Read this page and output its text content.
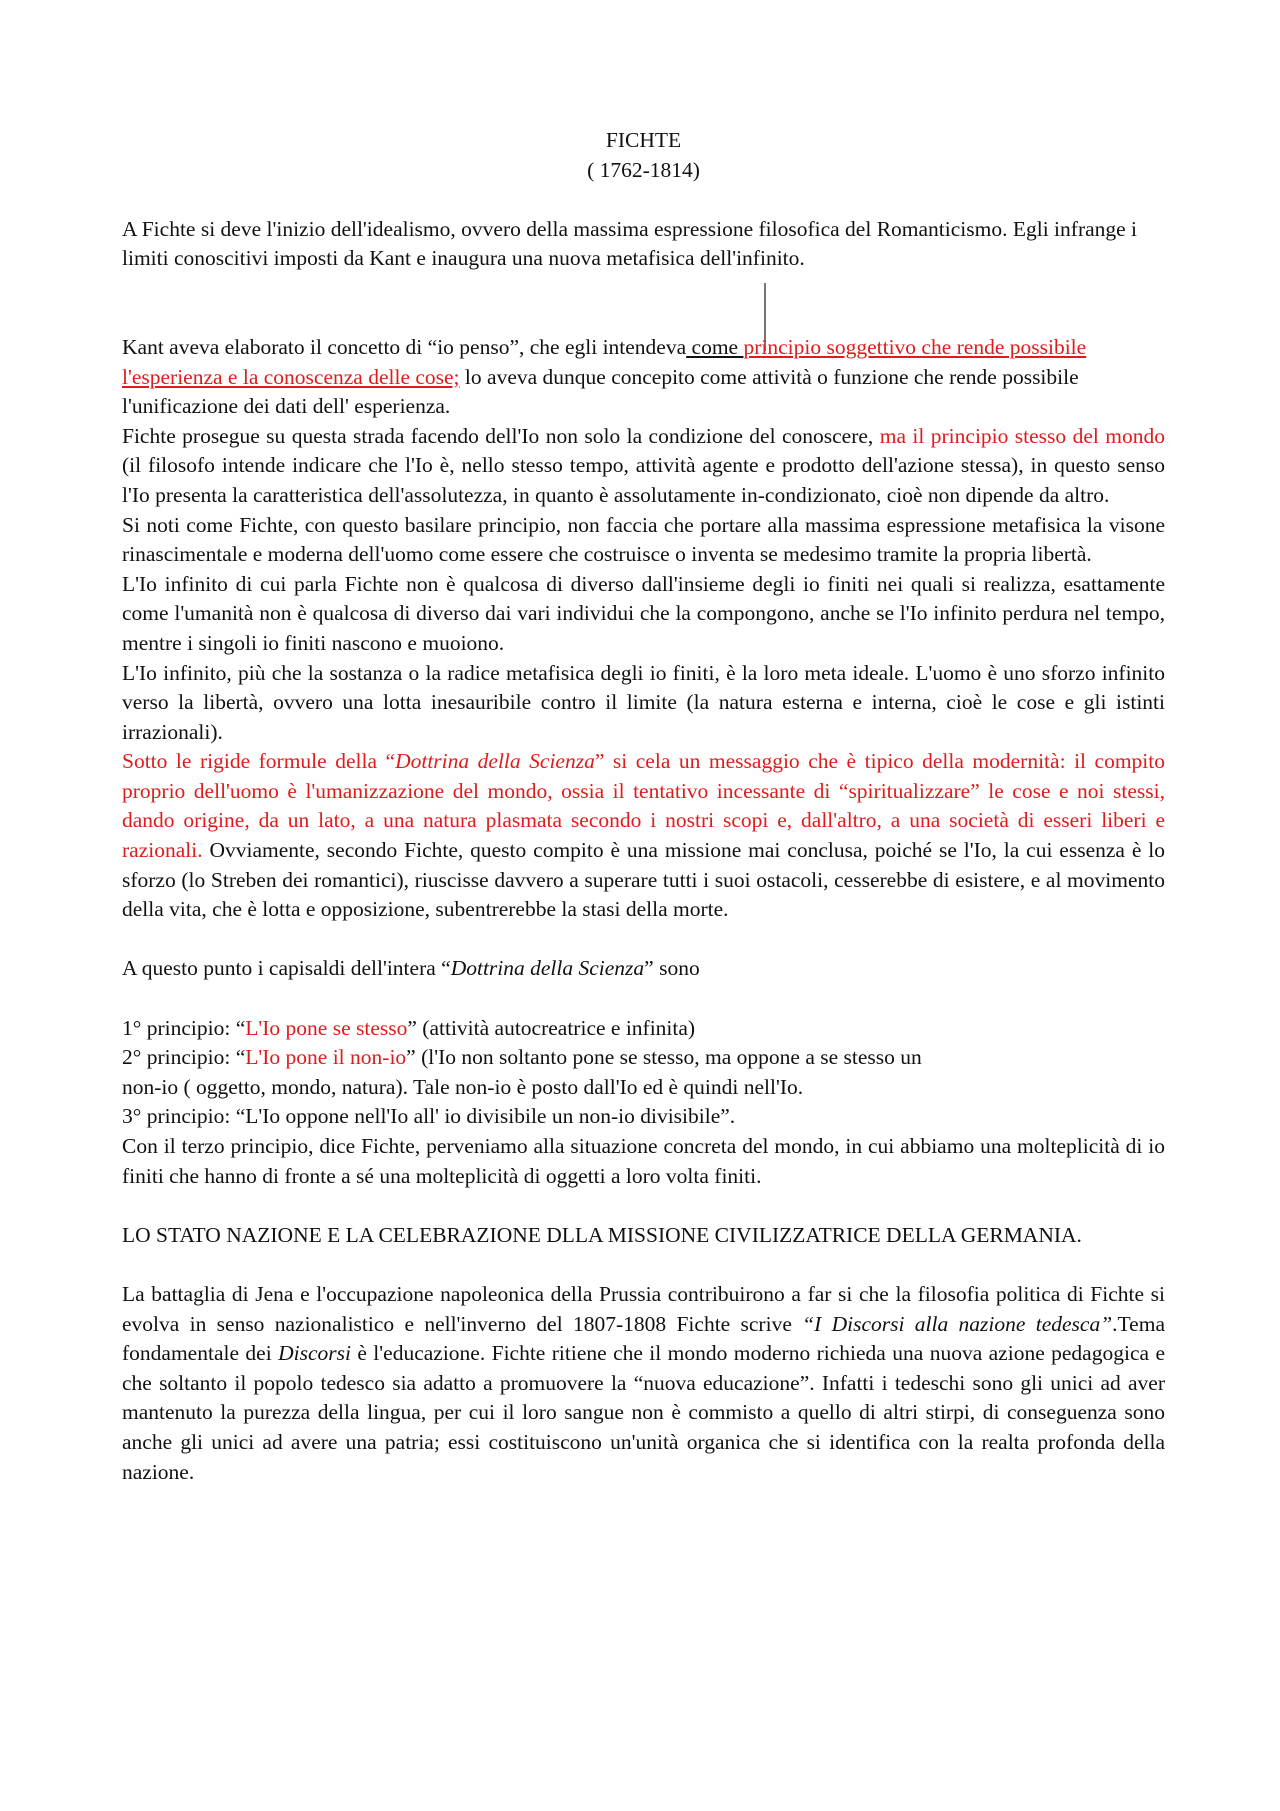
FICHTE

( 1762-1814)

A Fichte si deve l'inizio dell'idealismo, ovvero della massima espressione filosofica del Romanticismo. Egli infrange i limiti conoscitivi imposti da Kant e inaugura una nuova metafisica dell'infinito.

Kant aveva elaborato il concetto di “io penso”, che egli intendeva come principio soggettivo che rende possibile l'esperienza e la conoscenza delle cose; lo aveva dunque concepito come attività o funzione che rende possibile l'unificazione dei dati dell' esperienza.

Fichte prosegue su questa strada facendo dell'Io non solo la condizione del conoscere, ma il principio stesso del mondo (il filosofo intende indicare che l'Io è, nello stesso tempo, attività agente e prodotto dell'azione stessa), in questo senso l'Io presenta la caratteristica dell'assolutezza, in quanto è assolutamente in-condizionato, cioè non dipende da altro.

Si noti come Fichte, con questo basilare principio, non faccia che portare alla massima espressione metafisica la visone rinascimentale e moderna dell'uomo come essere che costruisce o inventa se medesimo tramite la propria libertà.

L'Io infinito di cui parla Fichte non è qualcosa di diverso dall'insieme degli io finiti nei quali si realizza, esattamente come l'umanità non è qualcosa di diverso dai vari individui che la compongono, anche se l'Io infinito perdura nel tempo, mentre i singoli io finiti nascono e muoiono.

L'Io infinito, più che la sostanza o la radice metafisica degli io finiti, è la loro meta ideale. L'uomo è uno sforzo infinito verso la libertà, ovvero una lotta inesauribile contro il limite (la natura esterna e interna, cioè le cose e gli istinti irrazionali).

Sotto le rigide formule della “Dottrina della Scienza” si cela un messaggio che è tipico della modernità: il compito proprio dell'uomo è l'umanizzazione del mondo, ossia il tentativo incessante di “spiritualizzare” le cose e noi stessi, dando origine, da un lato, a una natura plasmata secondo i nostri scopi e, dall'altro, a una società di esseri liberi e razionali. Ovviamente, secondo Fichte, questo compito è una missione mai conclusa, poiché se l'Io, la cui essenza è lo sforzo (lo Streben dei romantici), riuscisse davvero a superare tutti i suoi ostacoli, cesserebbe di esistere, e al movimento della vita, che è lotta e opposizione, subentrerebbe la stasi della morte.

A questo punto i capisaldi dell'intera “Dottrina della Scienza” sono

1° principio: “L'Io pone se stesso” (attività autocreatrice e infinita)

2° principio: “L'Io pone il non-io” (l'Io non soltanto pone se stesso, ma oppone a se stesso un

non-io ( oggetto, mondo, natura). Tale non-io è posto dall'Io ed è quindi nell'Io.

3° principio: “L'Io oppone nell'Io all' io divisibile un non-io divisibile”.

Con il terzo principio, dice Fichte, perveniamo alla situazione concreta del mondo, in cui abbiamo una molteplicità di io finiti che hanno di fronte a sé una molteplicità di oggetti a loro volta finiti.

LO STATO NAZIONE E LA CELEBRAZIONE DLLA MISSIONE CIVILIZZATRICE DELLA GERMANIA.

La battaglia di Jena e l'occupazione napoleonica della Prussia contribuirono a far si che la filosofia politica di Fichte si evolva in senso nazionalistico e nell'inverno del 1807-1808 Fichte scrive “I Discorsi alla nazione tedesca”.Tema fondamentale dei Discorsi è l'educazione. Fichte ritiene che il mondo moderno richieda una nuova azione pedagogica e che soltanto il popolo tedesco sia adatto a promuovere la “nuova educazione”. Infatti i tedeschi sono gli unici ad aver mantenuto la purezza della lingua, per cui il loro sangue non è commisto a quello di altri stirpi, di conseguenza sono anche gli unici ad avere una patria; essi costituiscono un'unità organica che si identifica con la realta profonda della nazione.
